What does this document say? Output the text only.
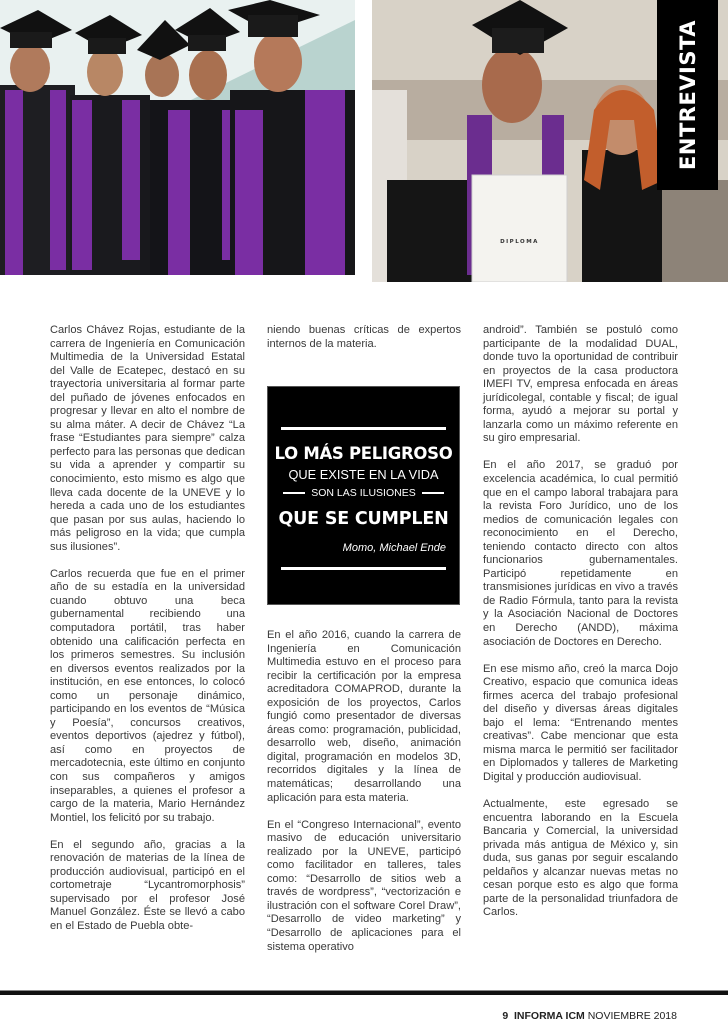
DIPLOMA
ENTREVISTA

Carlos Chávez Rojas, estudiante de la carrera de Ingeniería en Comunicación Multimedia de la Universidad Estatal del Valle de Ecatepec, destacó en su trayectoria universitaria al formar parte del puñado de jóvenes enfocados en progresar y llevar en alto el nombre de su alma máter. A decir de Chávez “La frase “Estudiantes para siempre” calza perfecto para las personas que dedican su vida a aprender y compartir su conocimiento, esto mismo es algo que lleva cada docente de la UNEVE y lo hereda a cada uno de los estudiantes que pasan por sus aulas, haciendo lo más peligroso en la vida; que cumpla sus ilusiones”.

Carlos recuerda que fue en el primer año de su estadía en la universidad cuando obtuvo una beca gubernamental recibiendo una computadora portátil, tras haber obtenido una calificación perfecta en los primeros semestres. Su inclusión en diversos eventos realizados por la institución, en ese entonces, lo colocó como un personaje dinámico, participando en los eventos de “Música y Poesía”, concursos creativos, eventos deportivos (ajedrez y fútbol), así como en proyectos de mercadotecnia, este último en conjunto con sus compañeros y amigos inseparables, a quienes el profesor a cargo de la materia, Mario Hernández Montiel, los felicitó por su trabajo.

En el segundo año, gracias a la renovación de materias de la línea de producción audiovisual, participó en el cortometraje “Lycantromorphosis” supervisado por el profesor José Manuel González. Éste se llevó a cabo en el Estado de Puebla obte-

niendo buenas críticas de expertos internos de la materia.

LO MÁS PELIGROSO
QUE EXISTE EN LA VIDA
SON LAS ILUSIONES
QUE SE CUMPLEN
Momo, Michael Ende

En el año 2016, cuando la carrera de Ingeniería en Comunicación Multimedia estuvo en el proceso para recibir la certificación por la empresa acreditadora COMAPROD, durante la exposición de los proyectos, Carlos fungió como presentador de diversas áreas como: programación, publicidad, desarrollo web, diseño, animación digital, programación en modelos 3D, recorridos digitales y la línea de matemáticas; desarrollando una aplicación para esta materia.

En el “Congreso Internacional”, evento masivo de educación universitario realizado por la UNEVE, participó como facilitador en talleres, tales como: “Desarrollo de sitios web a través de wordpress”, “vectorización e ilustración con el software Corel Draw”, “Desarrollo de video marketing” y “Desarrollo de aplicaciones para el sistema operativo

android”. También se postuló como participante de la modalidad DUAL, donde tuvo la oportunidad de contribuir en proyectos de la casa productora IMEFI TV, empresa enfocada en áreas jurídicolegal, contable y fiscal; de igual forma, ayudó a mejorar su portal y lanzarla como un máximo referente en su giro empresarial.

En el año 2017, se graduó por excelencia académica, lo cual permitió que en el campo laboral trabajara para la revista Foro Jurídico, uno de los medios de comunicación legales con reconocimiento en el Derecho, teniendo contacto directo con altos funcionarios gubernamentales. Participó repetidamente en transmisiones jurídicas en vivo a través de Radio Fórmula, tanto para la revista y la Asociación Nacional de Doctores en Derecho (ANDD), máxima asociación de Doctores en Derecho.

En ese mismo año, creó la marca Dojo Creativo, espacio que comunica ideas firmes acerca del trabajo profesional del diseño y diversas áreas digitales bajo el lema: “Entrenando mentes creativas”. Cabe mencionar que esta misma marca le permitió ser facilitador en Diplomados y talleres de Marketing Digital y producción audiovisual.

Actualmente, este egresado se encuentra laborando en la Escuela Bancaria y Comercial, la universidad privada más antigua de México y, sin duda, sus ganas por seguir escalando peldaños y alcanzar nuevas metas no cesan porque esto es algo que forma parte de la personalidad triunfadora de Carlos.

9 INFORMA ICM NOVIEMBRE 2018
